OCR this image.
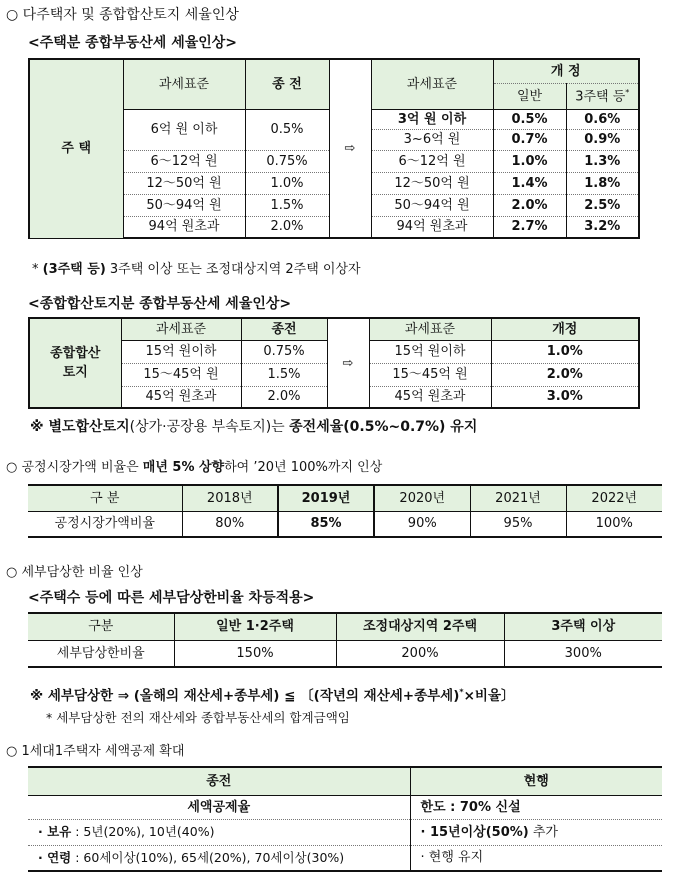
○ 다주택자 및 종합합산토지 세율인상
<주택분 종합부동산세 세율인상>
주 택	과세표준	종 전	⇨	과세표준	개 정	
					일반	3주택 등*
	6억 원 이하	0.5%		3억 원 이하	0.5%	0.6%
				3~6억 원	0.7%	0.9%
	6～12억 원	0.75%		6～12억 원	1.0%	1.3%
	12～50억 원	1.0%		12～50억 원	1.4%	1.8%
	50～94억 원	1.5%		50～94억 원	2.0%	2.5%
	94억 원초과	2.0%		94억 원초과	2.7%	3.2%
* (3주택 등) 3주택 이상 또는 조정대상지역 2주택 이상자
<종합합산토지분 종합부동산세 세율인상>
종합합산
토지	과세표준	종전	⇨	과세표준	개정
	15억 원이하	0.75%		15억 원이하	1.0%
	15～45억 원	1.5%		15～45억 원	2.0%
	45억 원초과	2.0%		45억 원초과	3.0%
※ 별도합산토지(상가·공장용 부속토지)는 종전세율(0.5%~0.7%) 유지
○ 공정시장가액 비율은 매년 5% 상향하여 ’20년 100%까지 인상
구 분	2018년	2019년	2020년	2021년	2022년
공정시장가액비율	80%	85%	90%	95%	100%
○ 세부담상한 비율 인상
<주택수 등에 따른 세부담상한비율 차등적용>
구분	일반 1·2주택	조정대상지역 2주택	3주택 이상
세부담상한비율	150%	200%	300%
※ 세부담상한 ⇒ (올해의 재산세+종부세) ≦ 〔(작년의 재산세+종부세)*×비율〕
* 세부담상한 전의 재산세와 종합부동산세의 합계금액임
○ 1세대1주택자 세액공제 확대
종전	현행
세액공제율	한도 : 70% 신설
· 보유 : 5년(20%), 10년(40%)	· 15년이상(50%) 추가
· 연령 : 60세이상(10%), 65세(20%), 70세이상(30%)	· 현행 유지
